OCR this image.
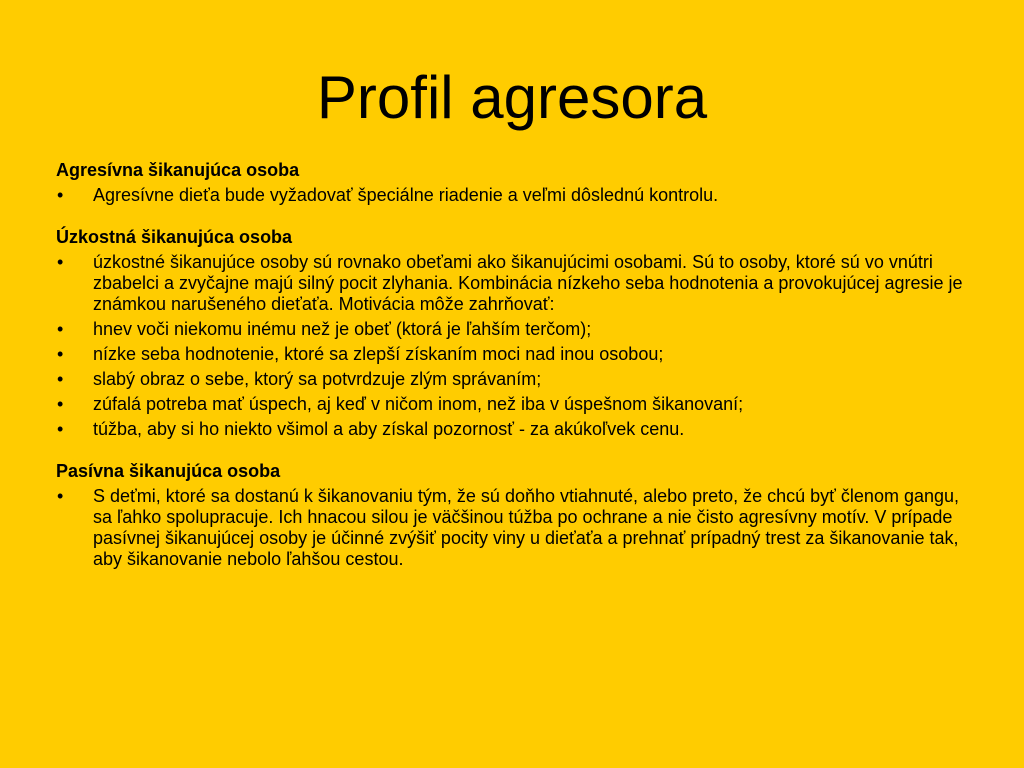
Profil agresora
Agresívna šikanujúca osoba
• Agresívne dieťa bude vyžadovať špeciálne riadenie a veľmi dôslednú kontrolu.
Úzkostná šikanujúca osoba
• úzkostné šikanujúce osoby sú rovnako obeťami ako šikanujúcimi osobami. Sú to osoby, ktoré sú vo vnútri zbabelci a zvyčajne majú silný pocit zlyhania. Kombinácia nízkeho seba hodnotenia a provokujúcej agresie je známkou narušeného dieťaťa. Motivácia môže zahrňovať:
• hnev voči niekomu inému než je obeť (ktorá je ľahším terčom);
• nízke seba hodnotenie, ktoré sa zlepší získaním moci nad inou osobou;
• slabý obraz o sebe, ktorý sa potvrdzuje zlým správaním;
• zúfalá potreba mať úspech, aj keď v ničom inom, než iba v úspešnom šikanovaní;
• túžba, aby si ho niekto všimol a aby získal pozornosť - za akúkoľvek cenu.
Pasívna šikanujúca osoba
• S deťmi, ktoré sa dostanú k šikanovaniu tým, že sú doňho vtiahnuté, alebo preto, že chcú byť členom gangu, sa ľahko spolupracuje. Ich hnacou silou je väčšinou túžba po ochrane a nie čisto agresívny motív. V prípade pasívnej šikanujúcej osoby je účinné zvýšiť pocity viny u dieťaťa a prehnať prípadný trest za šikanovanie tak, aby šikanovanie nebolo ľahšou cestou.
